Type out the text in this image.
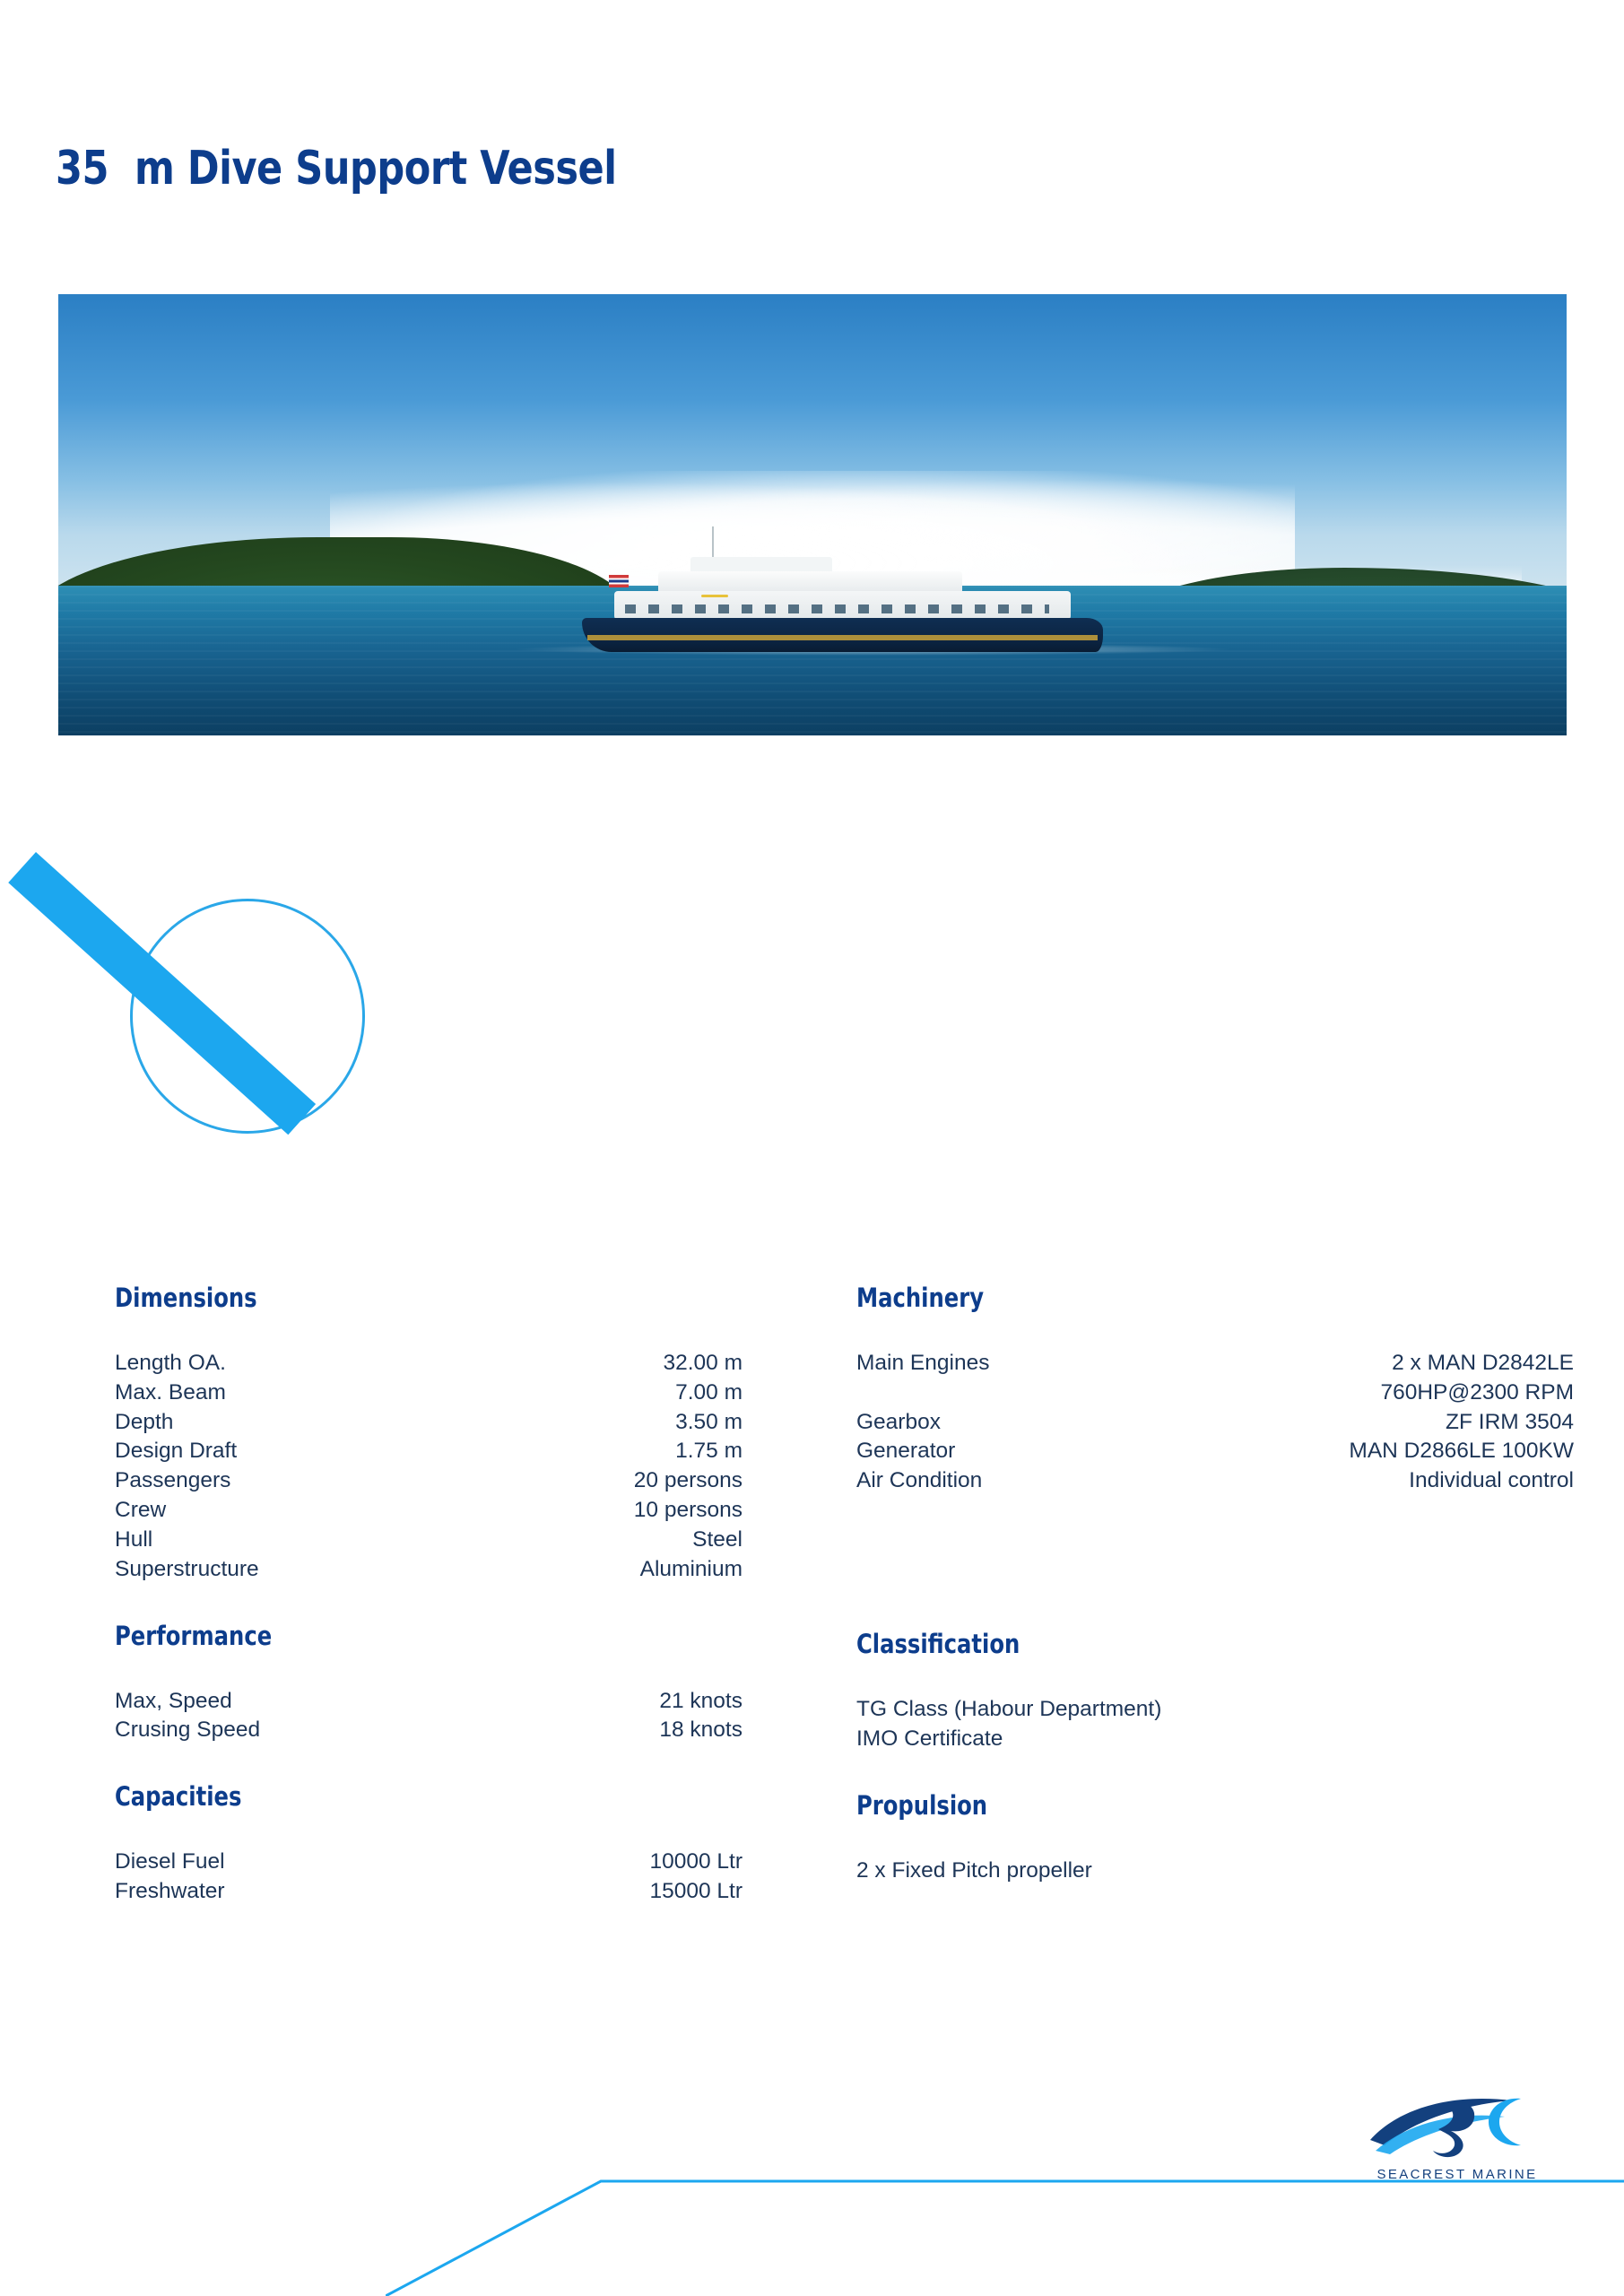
35  m Dive Support Vessel
Dimensions
Length OA.	32.00 m
Max. Beam	7.00 m
Depth	3.50 m
Design Draft	1.75 m
Passengers	20 persons
Crew	10 persons
Hull	Steel
Superstructure	Aluminium
Performance
Max, Speed	21 knots
Crusing Speed	18 knots
Capacities
Diesel Fuel	10000 Ltr
Freshwater	15000 Ltr
Machinery
Main Engines	2 x MAN D2842LE
	760HP@2300 RPM
Gearbox	ZF IRM 3504
Generator	MAN D2866LE 100KW
Air Condition	Individual control
Classification
TG Class (Habour Department)
IMO Certificate
Propulsion
2 x Fixed Pitch propeller
SEACREST MARINE
